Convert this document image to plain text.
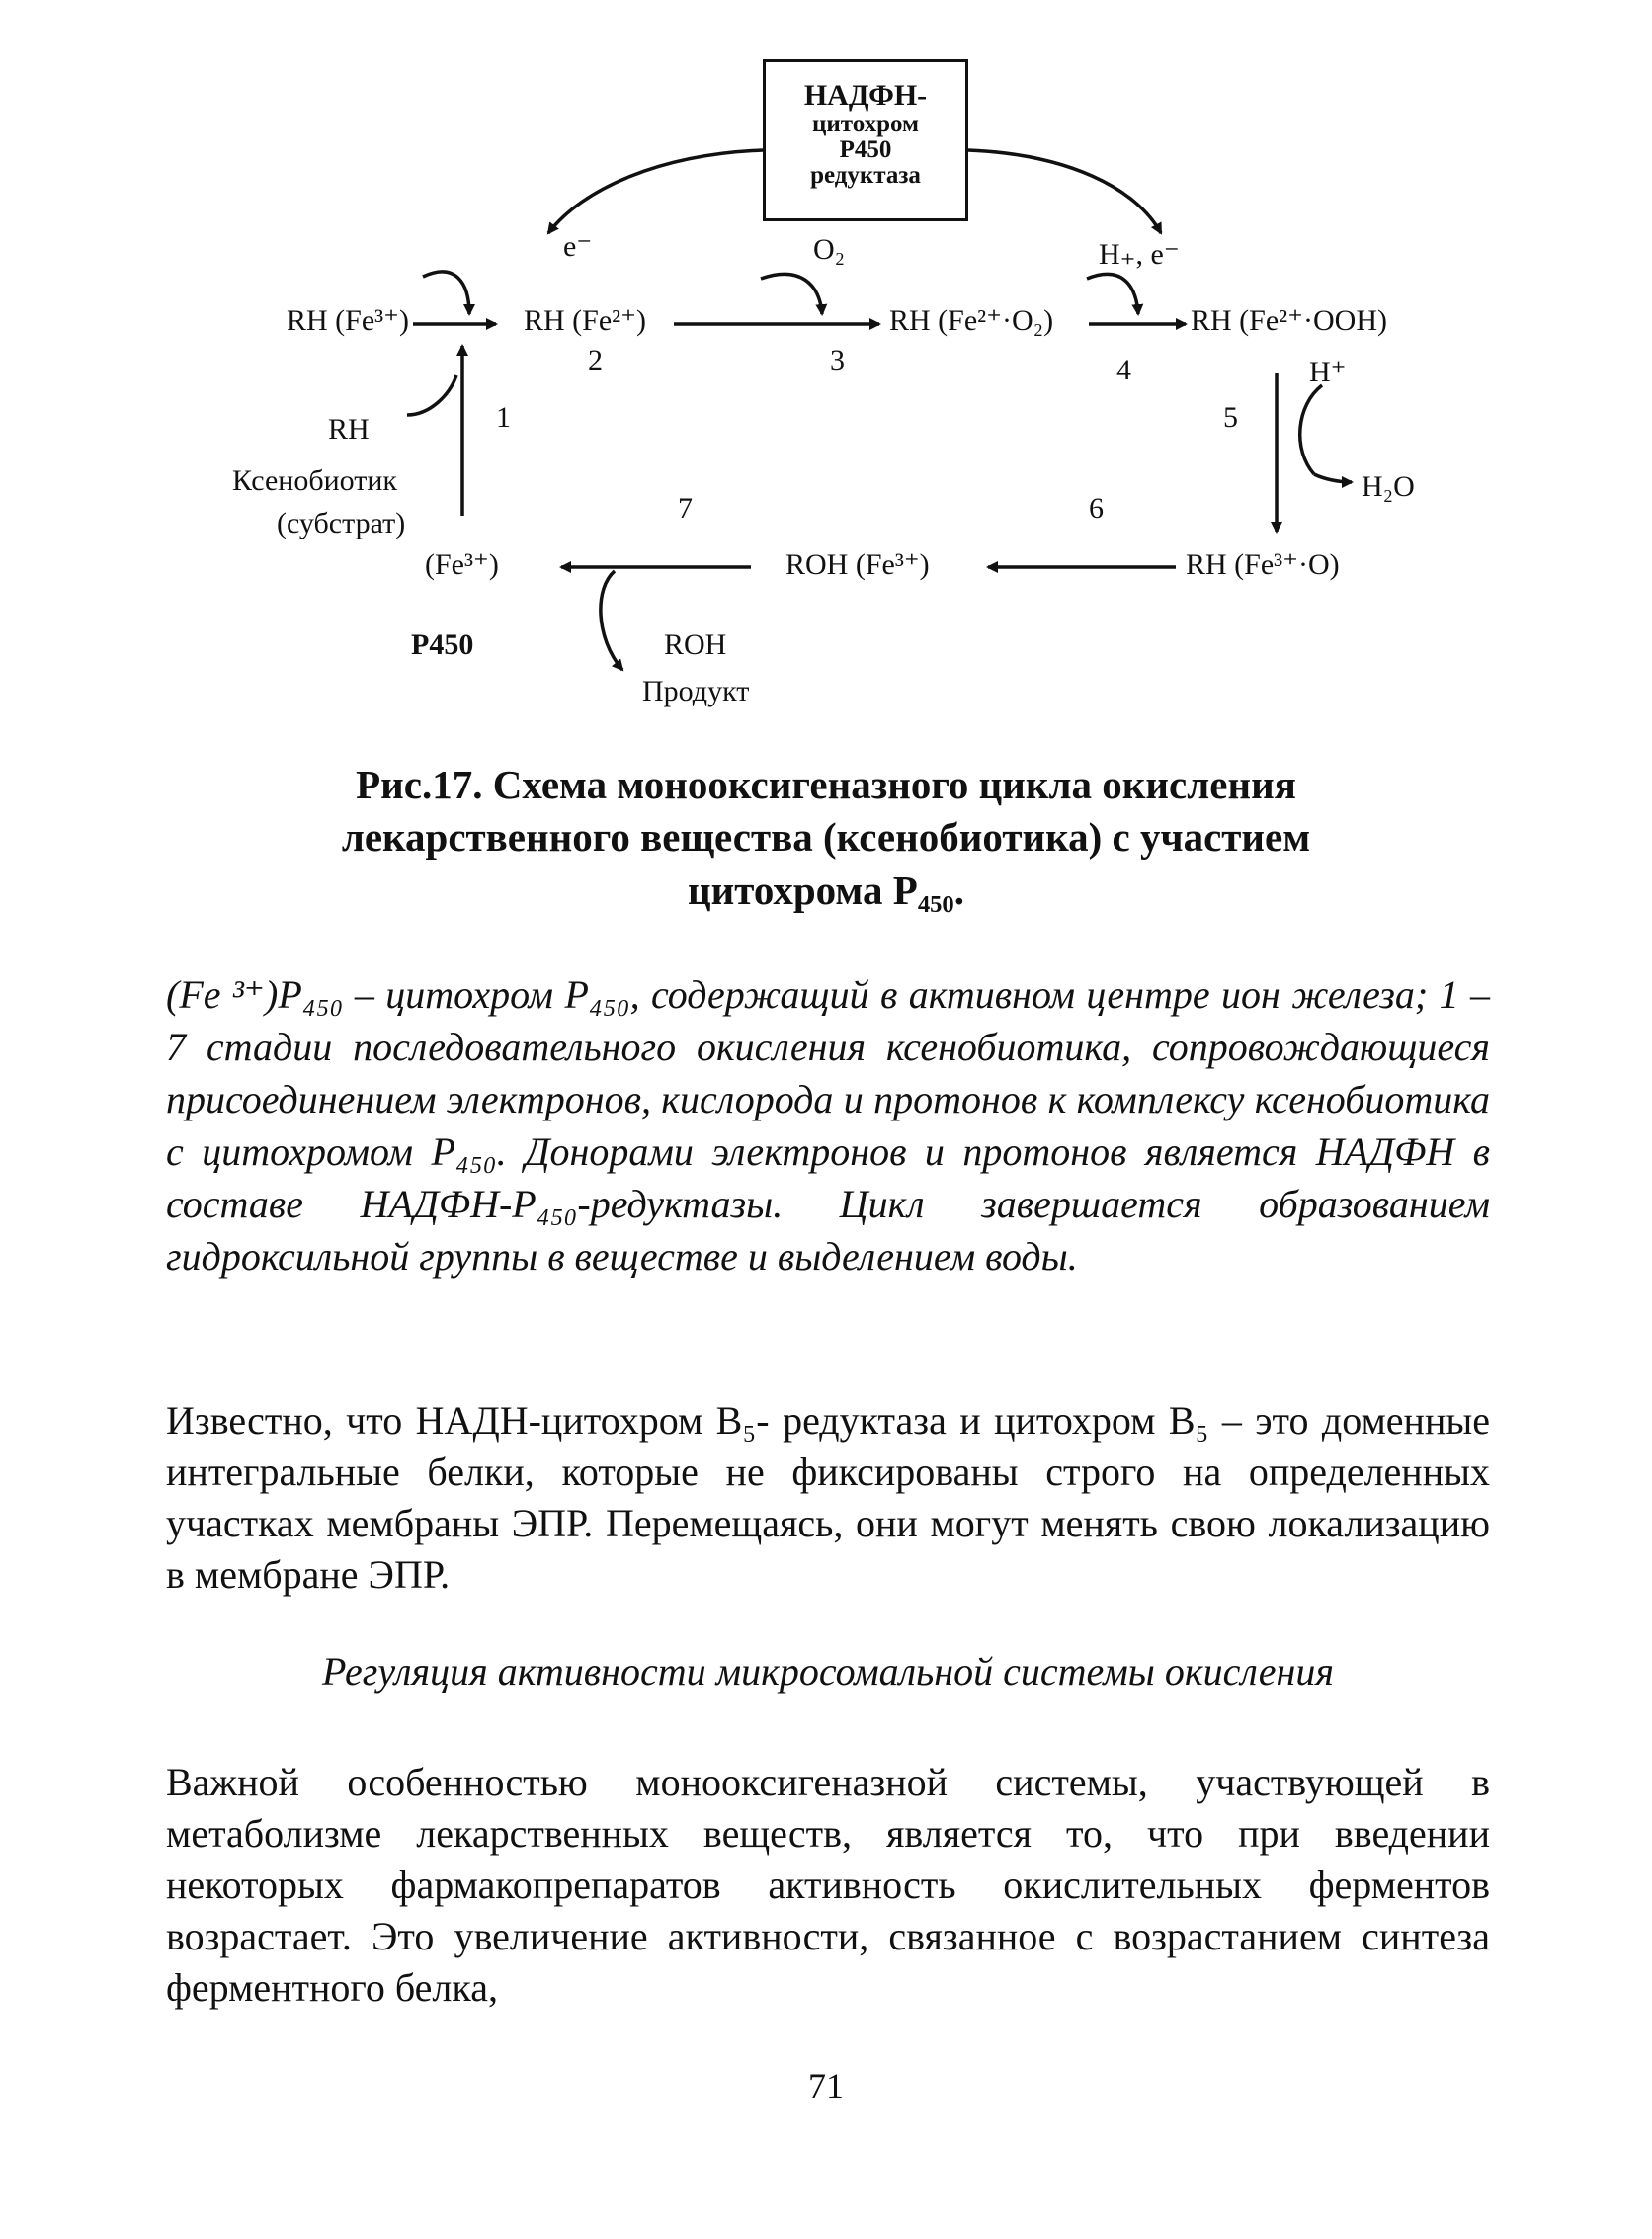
НАДФН-
цитохром
Р450
редуктаза
e⁻	O₂	H₊, e⁻
RH (Fe³⁺)	RH (Fe²⁺)	RH (Fe²⁺·O₂)	RH (Fe²⁺·OOH)
2	3	4	H⁺
1	5
H₂O
RH
Ксенобиотик
(субстрат)	7	6
(Fe³⁺)	ROH (Fe³⁺)	RH (Fe³⁺·O)
Р450	ROH
Продукт
Рис.17. Схема монооксигеназного цикла окисления
лекарственного вещества (ксенобиотика) с участием
цитохрома Р₄₅₀.
(Fe ³⁺)P₄₅₀ – цитохром P₄₅₀, содержащий в активном центре ион железа; 1 – 7 стадии последовательного окисления ксенобиотика, сопровождающиеся присоединением электронов, кислорода и протонов к комплексу ксенобиотика с цитохромом P₄₅₀. Донорами электронов и протонов является НАДФН в составе НАДФН-P₄₅₀-редуктазы. Цикл завершается образованием гидроксильной группы в веществе и выделением воды.
Известно, что НАДН-цитохром B₅- редуктаза и цитохром B₅ – это доменные интегральные белки, которые не фиксированы строго на определенных участках мембраны ЭПР. Перемещаясь, они могут менять свою локализацию в мембране ЭПР.
Регуляция активности микросомальной системы окисления
Важной особенностью монооксигеназной системы, участвующей в метаболизме лекарственных веществ, является то, что при введении некоторых фармакопрепаратов активность окислительных ферментов возрастает. Это увеличение активности, связанное с возрастанием синтеза ферментного белка,
71
